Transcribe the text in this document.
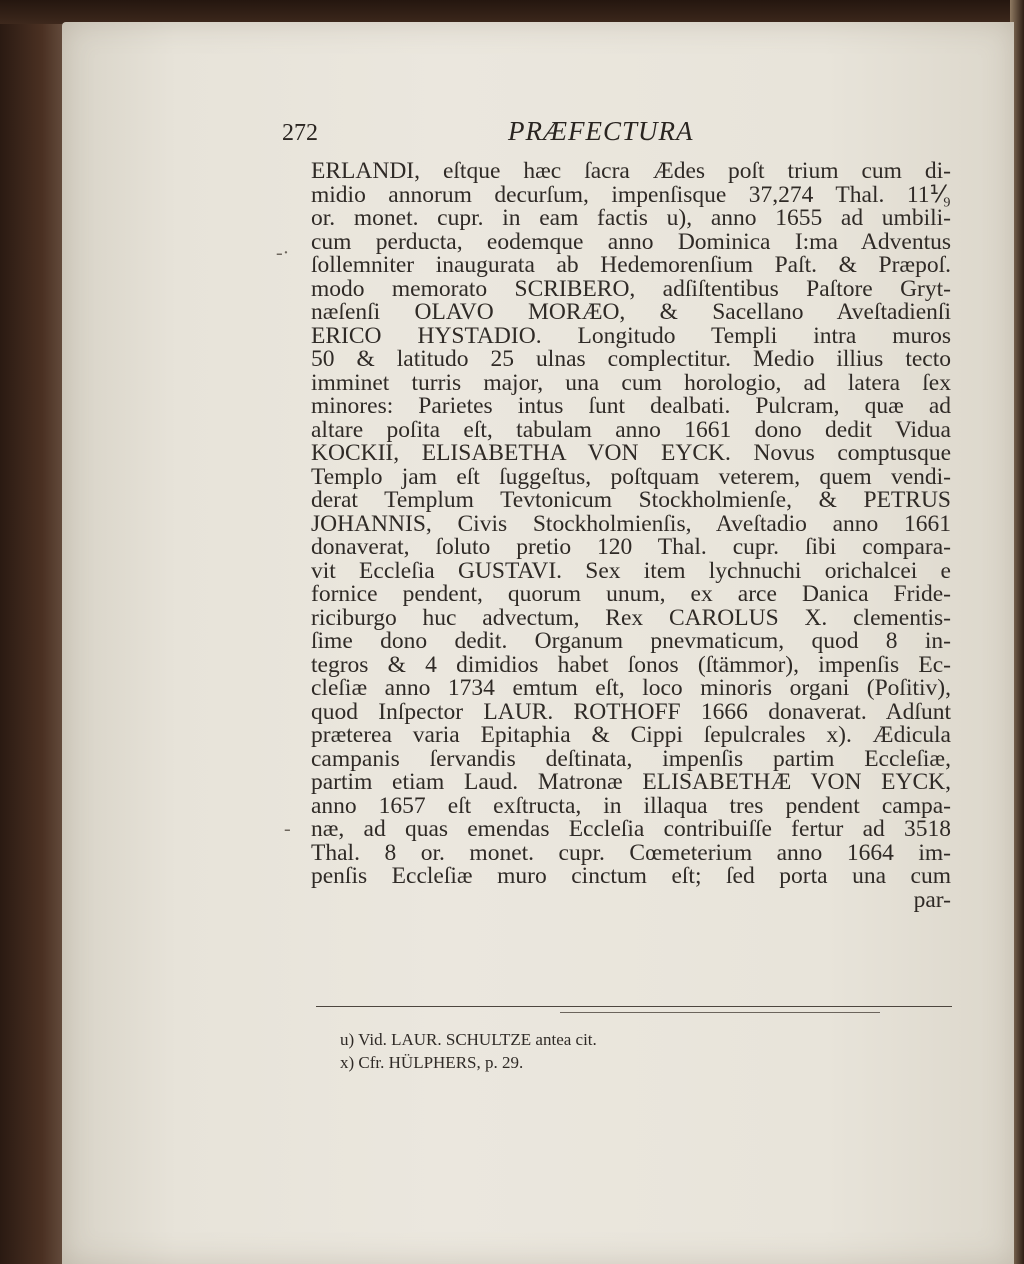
-·
-
272	PRÆFECTURA
ERLANDI, eſtque hæc ſacra Ædes poſt trium cum di-
midio annorum decurſum, impenſisque 37,274 Thal. 11⅟₉
or. monet. cupr. in eam factis u), anno 1655 ad umbili-
cum perducta, eodemque anno Dominica I:ma Adventus
ſollemniter inaugurata ab Hedemorenſium Paſt. & Præpoſ.
modo memorato SCRIBERO, adſiſtentibus Paſtore Gryt-
næſenſi OLAVO MORÆO, & Sacellano Aveſtadienſi
ERICO HYSTADIO. Longitudo Templi intra muros
50 & latitudo 25 ulnas complectitur. Medio illius tecto
imminet turris major, una cum horologio, ad latera ſex
minores: Parietes intus ſunt dealbati. Pulcram, quæ ad
altare poſita eſt, tabulam anno 1661 dono dedit Vidua
KOCKII, ELISABETHA VON EYCK. Novus comptusque
Templo jam eſt ſuggeſtus, poſtquam veterem, quem vendi-
derat Templum Tevtonicum Stockholmienſe, & PETRUS
JOHANNIS, Civis Stockholmienſis, Aveſtadio anno 1661
donaverat, ſoluto pretio 120 Thal. cupr. ſibi compara-
vit Eccleſia GUSTAVI. Sex item lychnuchi orichalcei e
fornice pendent, quorum unum, ex arce Danica Fride-
riciburgo huc advectum, Rex CAROLUS X. clementis-
ſime dono dedit. Organum pnevmaticum, quod 8 in-
tegros & 4 dimidios habet ſonos (ſtämmor), impenſis Ec-
cleſiæ anno 1734 emtum eſt, loco minoris organi (Poſitiv),
quod Inſpector LAUR. ROTHOFF 1666 donaverat. Adſunt
præterea varia Epitaphia & Cippi ſepulcrales x). Ædicula
campanis ſervandis deſtinata, impenſis partim Eccleſiæ,
partim etiam Laud. Matronæ ELISABETHÆ VON EYCK,
anno 1657 eſt exſtructa, in illaqua tres pendent campa-
næ, ad quas emendas Eccleſia contribuiſſe fertur ad 3518
Thal. 8 or. monet. cupr. Cœmeterium anno 1664 im-
penſis Eccleſiæ muro cinctum eſt; ſed porta una cum
par-
u) Vid. LAUR. SCHULTZE antea cit.
x) Cfr. HÜLPHERS, p. 29.
